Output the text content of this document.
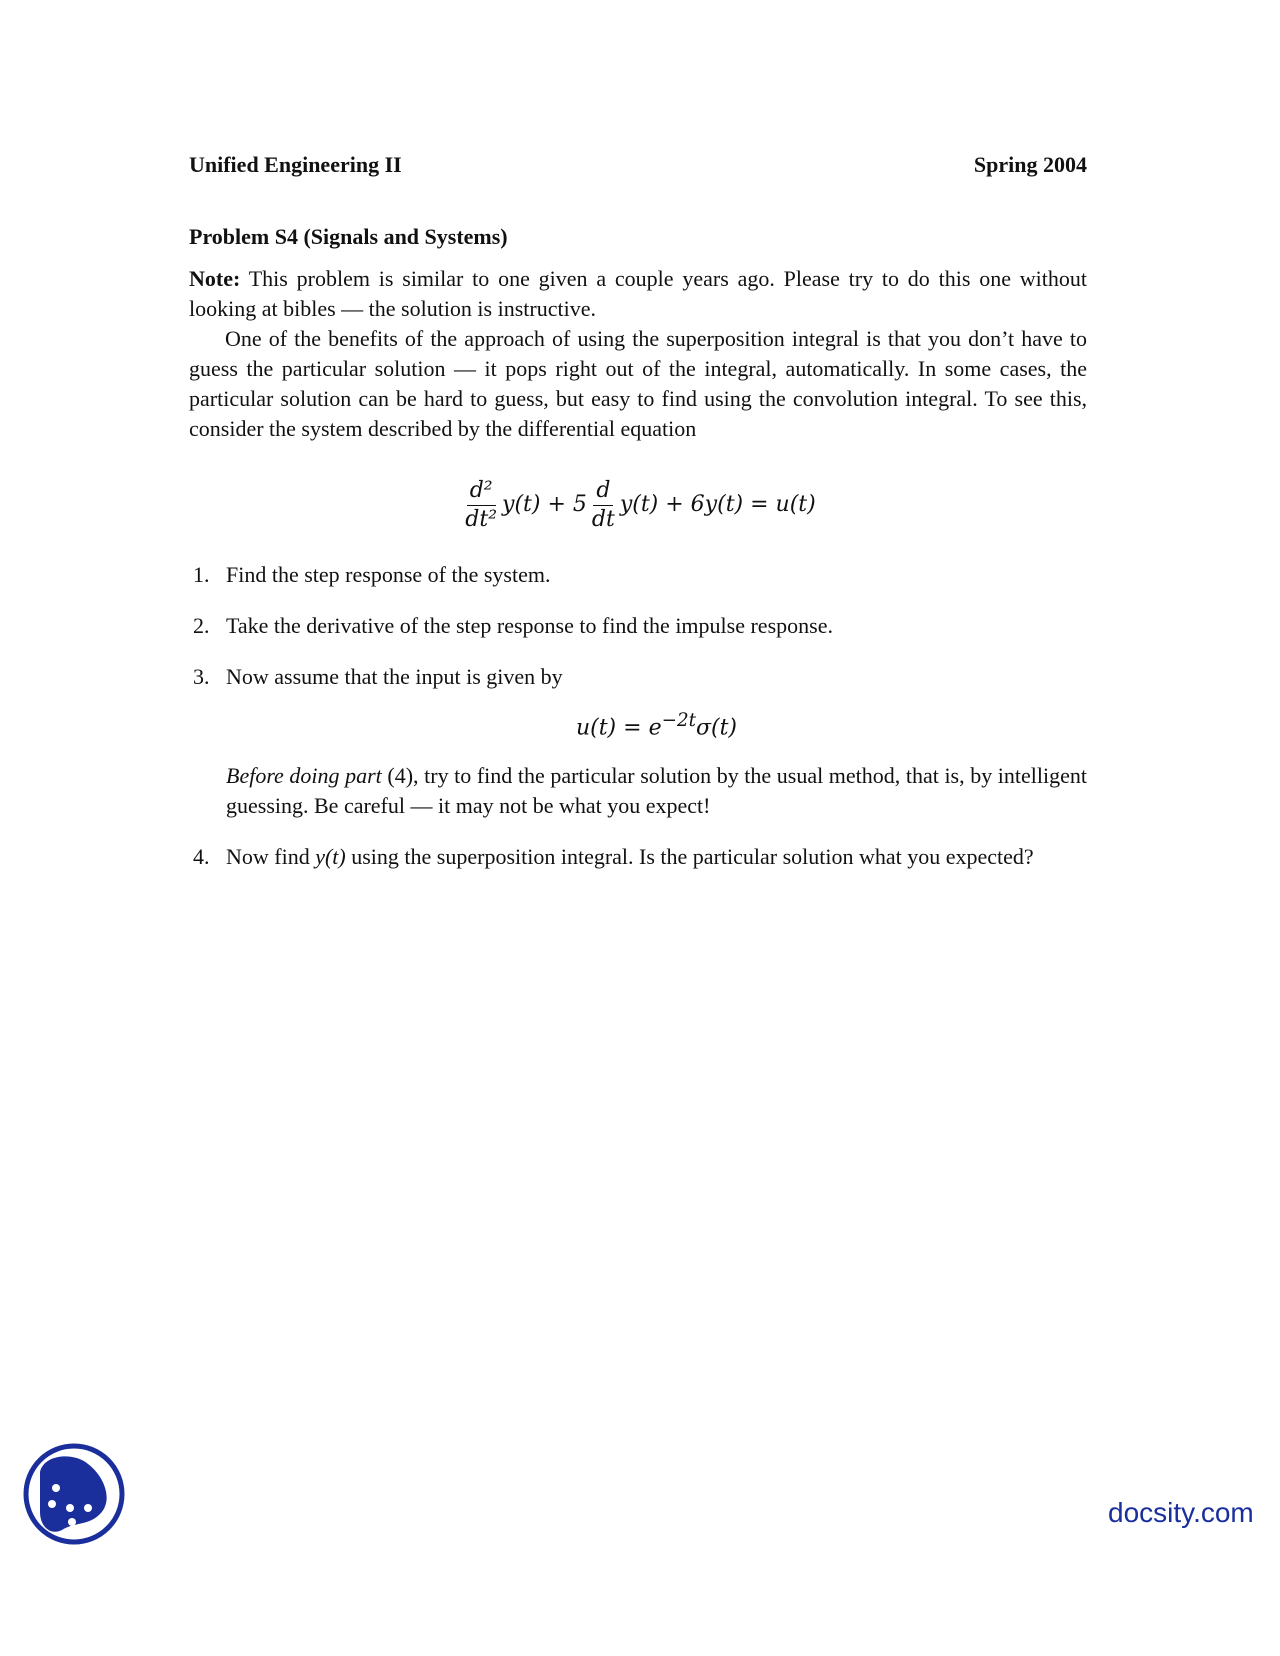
Unified Engineering II	Spring 2004
Problem S4 (Signals and Systems)

Note: This problem is similar to one given a couple years ago. Please try to do this one without looking at bibles — the solution is instructive.

One of the benefits of the approach of using the superposition integral is that you don’t have to guess the particular solution — it pops right out of the integral, automatically. In some cases, the particular solution can be hard to guess, but easy to find using the convolution integral. To see this, consider the system described by the differential equation

$\frac{\text{d²}}{\text{dt²}} y(t) + 5 \frac{d}{dt} y(t) + 6y(t) = u(t)$
1. Find the step response of the system.
2. Take the derivative of the step response to find the impulse response.
3. Now assume that the input is given by
$u(t) = e^{-2t}\sigma(t)$
Before doing part (4), try to find the particular solution by the usual method, that is, by intelligent guessing. Be careful — it may not be what you expect!
4. Now find y(t) using the superposition integral. Is the particular solution what you expected?
docsity.com
